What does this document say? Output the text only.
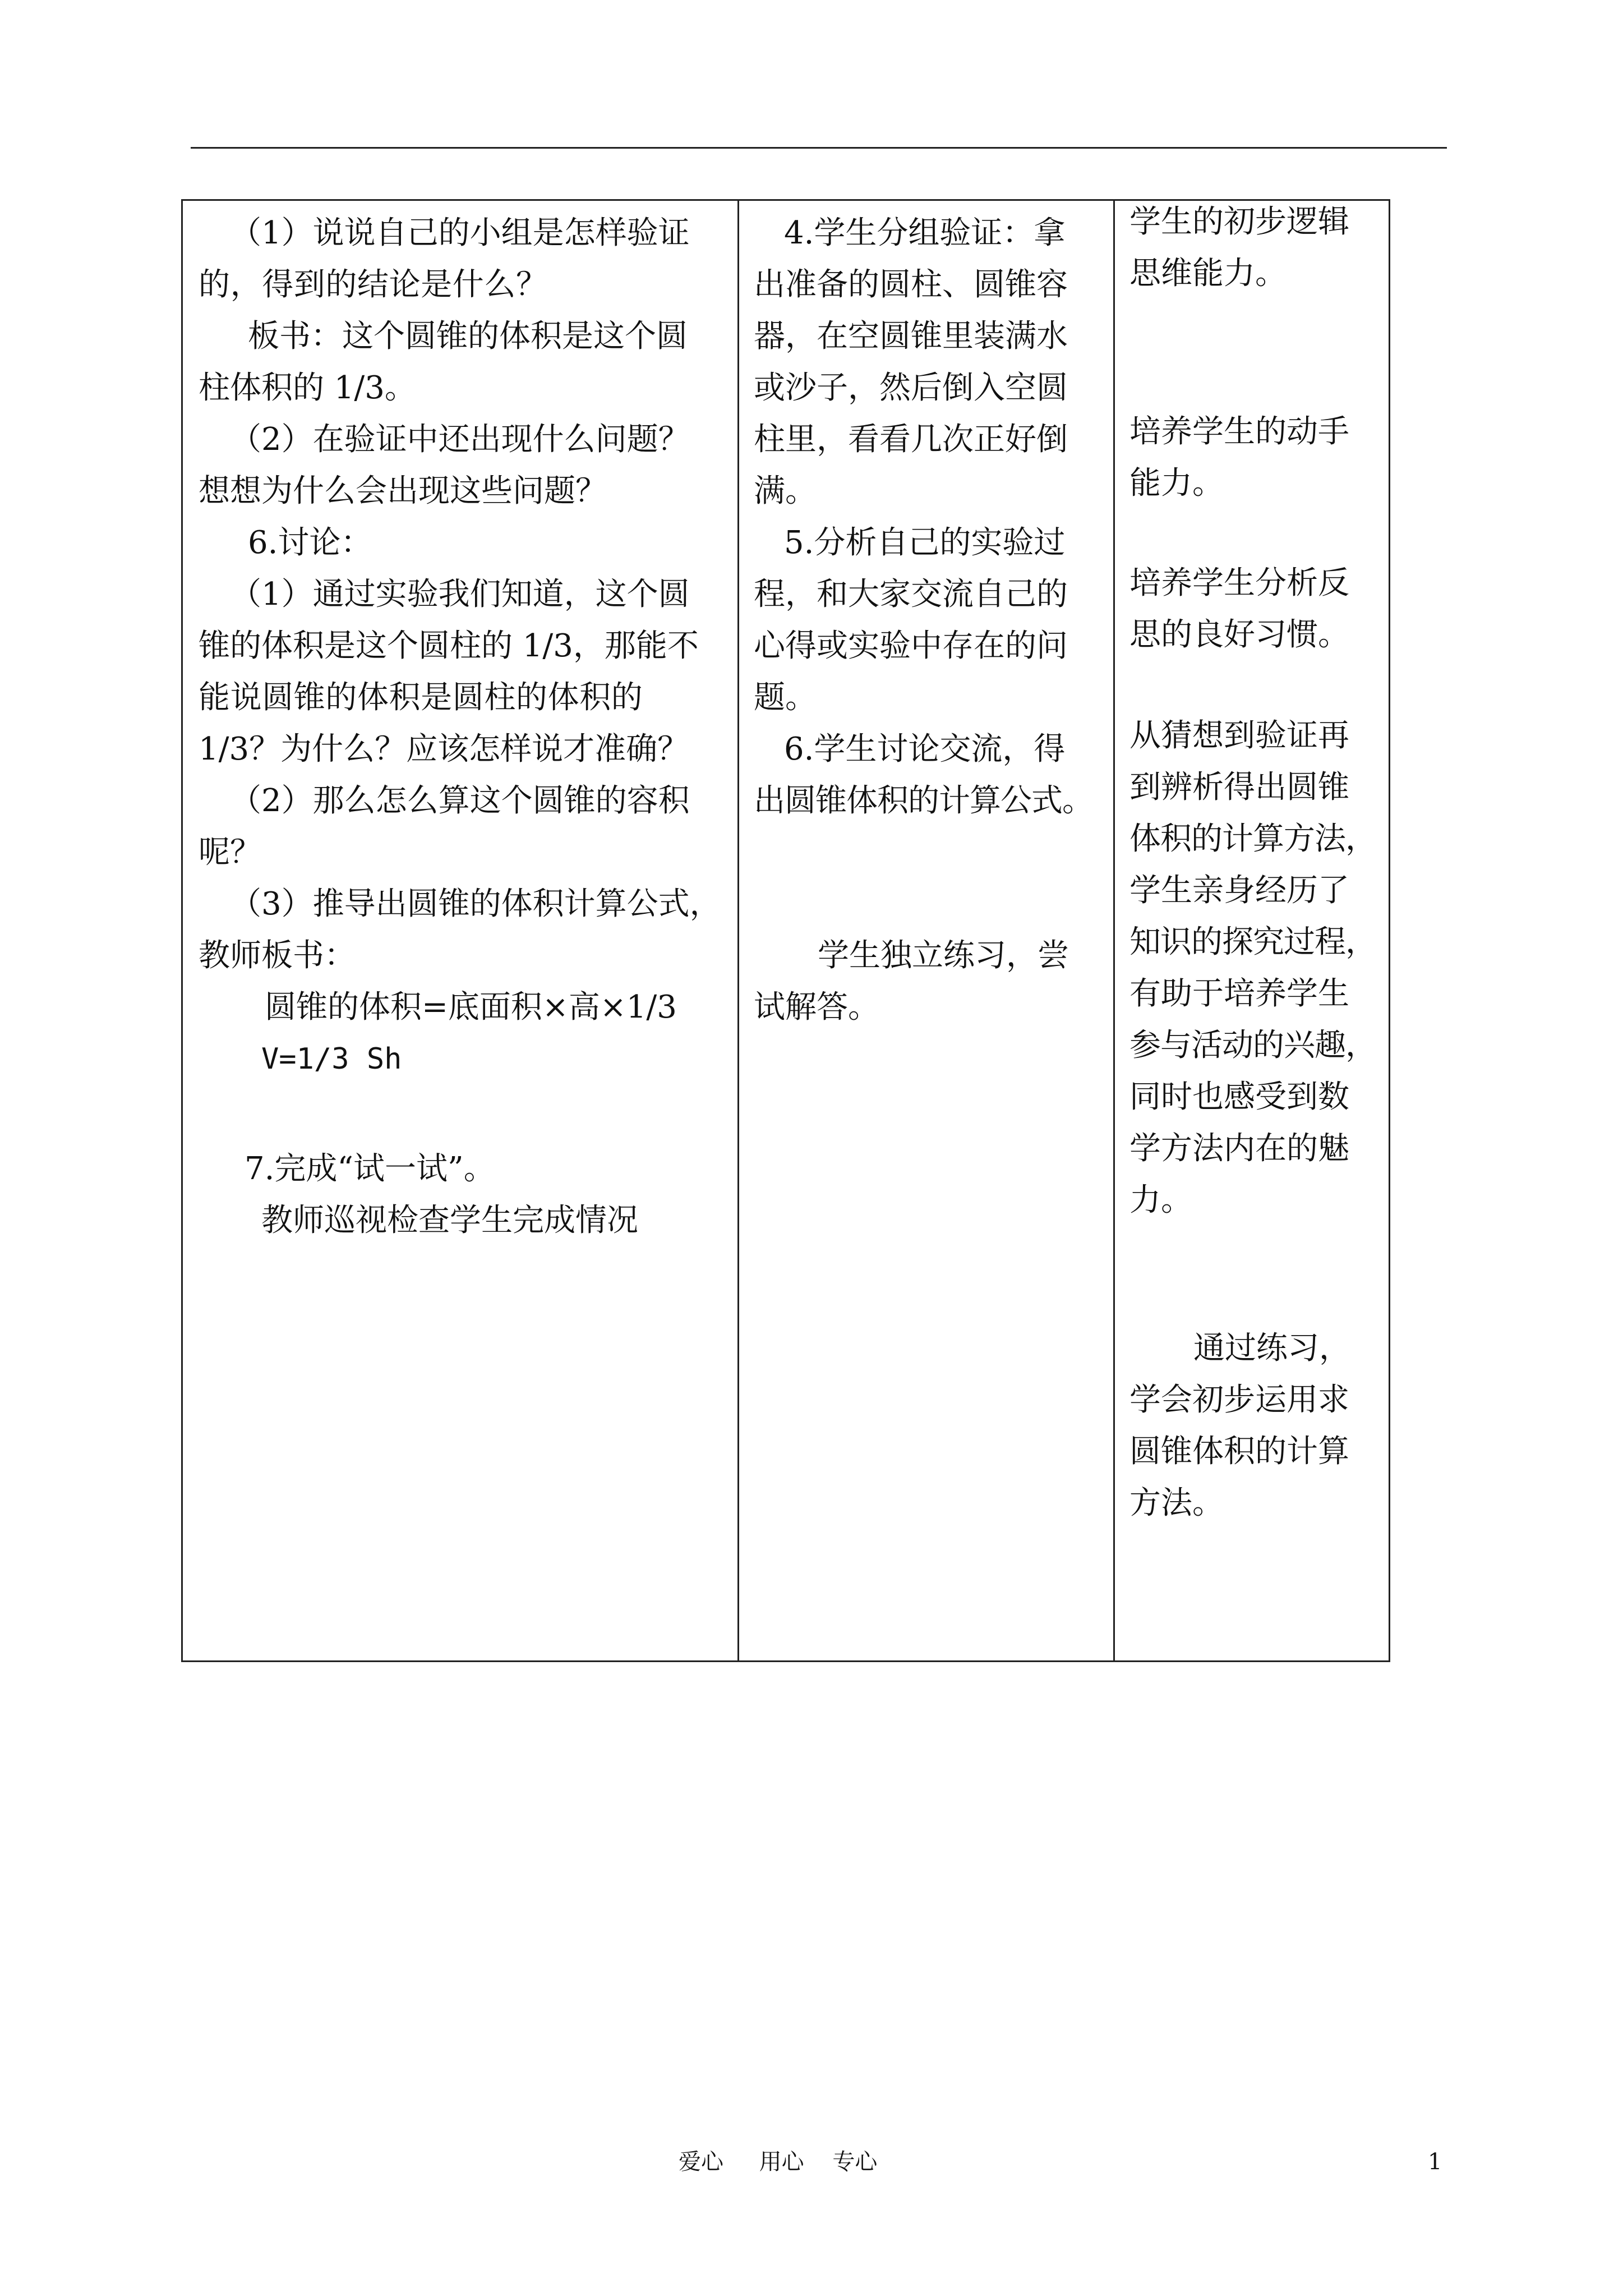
（1）说说自己的小组是怎样验证
的，得到的结论是什么？
板书：这个圆锥的体积是这个圆
柱体积的 1/3。
（2）在验证中还出现什么问题？
想想为什么会出现这些问题？
6.讨论：
（1）通过实验我们知道，这个圆
锥的体积是这个圆柱的 1/3，那能不
能说圆锥的体积是圆柱的体积的
1/3？为什么？应该怎样说才准确？
（2）那么怎么算这个圆锥的容积
呢？
（3）推导出圆锥的体积计算公式，
教师板书：
圆锥的体积=底面积×高×1/3
V=1/3 Sh
7.完成“试一试”。
教师巡视检查学生完成情况
4.学生分组验证：拿
出准备的圆柱、圆锥容
器，在空圆锥里装满水
或沙子，然后倒入空圆
柱里，看看几次正好倒
满。
5.分析自己的实验过
程，和大家交流自己的
心得或实验中存在的问
题。
6.学生讨论交流，得
出圆锥体积的计算公式。
学生独立练习，尝
试解答。
学生的初步逻辑
思维能力。
培养学生的动手
能力。
培养学生分析反
思的良好习惯。
从猜想到验证再
到辨析得出圆锥
体积的计算方法，
学生亲身经历了
知识的探究过程，
有助于培养学生
参与活动的兴趣，
同时也感受到数
学方法内在的魅
力。
通过练习，
学会初步运用求
圆锥体积的计算
方法。
爱心     用心    专心	1
